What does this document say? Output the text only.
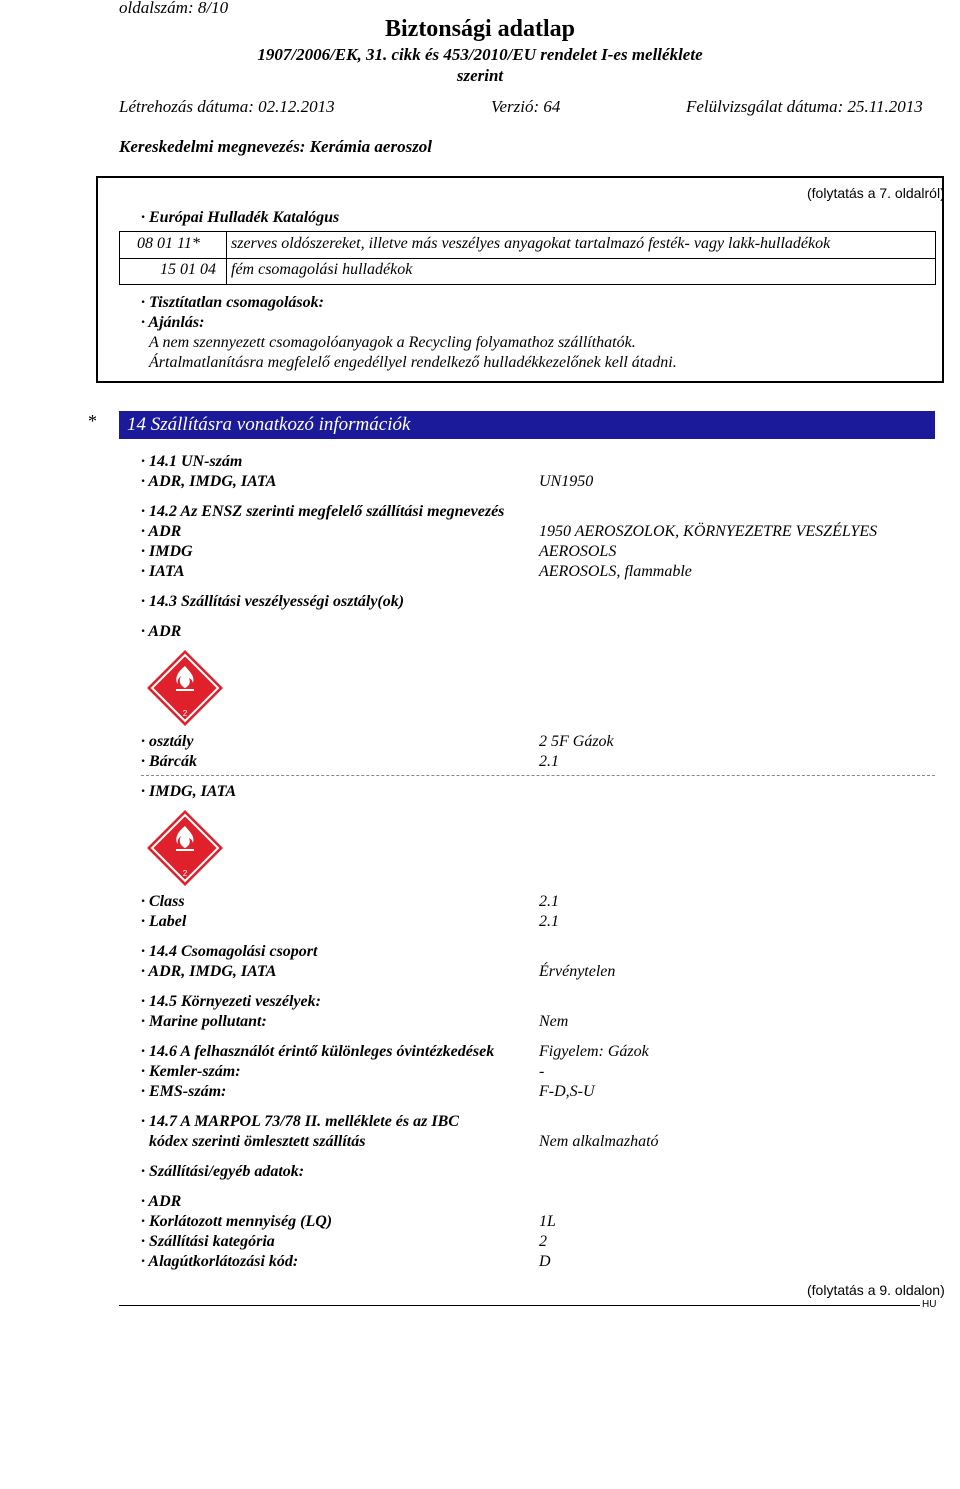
oldalszám: 8/10
Biztonsági adatlap
1907/2006/EK, 31. cikk és 453/2010/EU rendelet I-es melléklete
szerint
Létrehozás dátuma: 02.12.2013	Verzió: 64	Felülvizsgálat dátuma: 25.11.2013
Kereskedelmi megnevezés: Kerámia aeroszol
(folytatás a 7. oldalról)
· Európai Hulladék Katalógus
08 01 11* szerves oldószereket, illetve más veszélyes anyagokat tartalmazó festék- vagy lakk-hulladékok
15 01 04 fém csomagolási hulladékok
· Tisztítatlan csomagolások:
· Ajánlás:
A nem szennyezett csomagolóanyagok a Recycling folyamathoz szállíthatók.
Ártalmatlanításra megfelelő engedéllyel rendelkező hulladékkezelőnek kell átadni.
*	14 Szállításra vonatkozó információk
· 14.1 UN-szám
· ADR, IMDG, IATA	UN1950
· 14.2 Az ENSZ szerinti megfelelő szállítási megnevezés
· ADR	1950 AEROSZOLOK, KÖRNYEZETRE VESZÉLYES
· IMDG	AEROSOLS
· IATA	AEROSOLS, flammable
· 14.3 Szállítási veszélyességi osztály(ok)
· ADR
2
· osztály	2 5F Gázok
· Bárcák	2.1
· IMDG, IATA
2
· Class	2.1
· Label	2.1
· 14.4 Csomagolási csoport
· ADR, IMDG, IATA	Érvénytelen
· 14.5 Környezeti veszélyek:
· Marine pollutant:	Nem
· 14.6 A felhasználót érintő különleges óvintézkedések	Figyelem: Gázok
· Kemler-szám:	-
· EMS-szám:	F-D,S-U
· 14.7 A MARPOL 73/78 II. melléklete és az IBC
kódex szerinti ömlesztett szállítás	Nem alkalmazható
· Szállítási/egyéb adatok:
· ADR
· Korlátozott mennyiség (LQ)	1L
· Szállítási kategória	2
· Alagútkorlátozási kód:	D
(folytatás a 9. oldalon)
HU
